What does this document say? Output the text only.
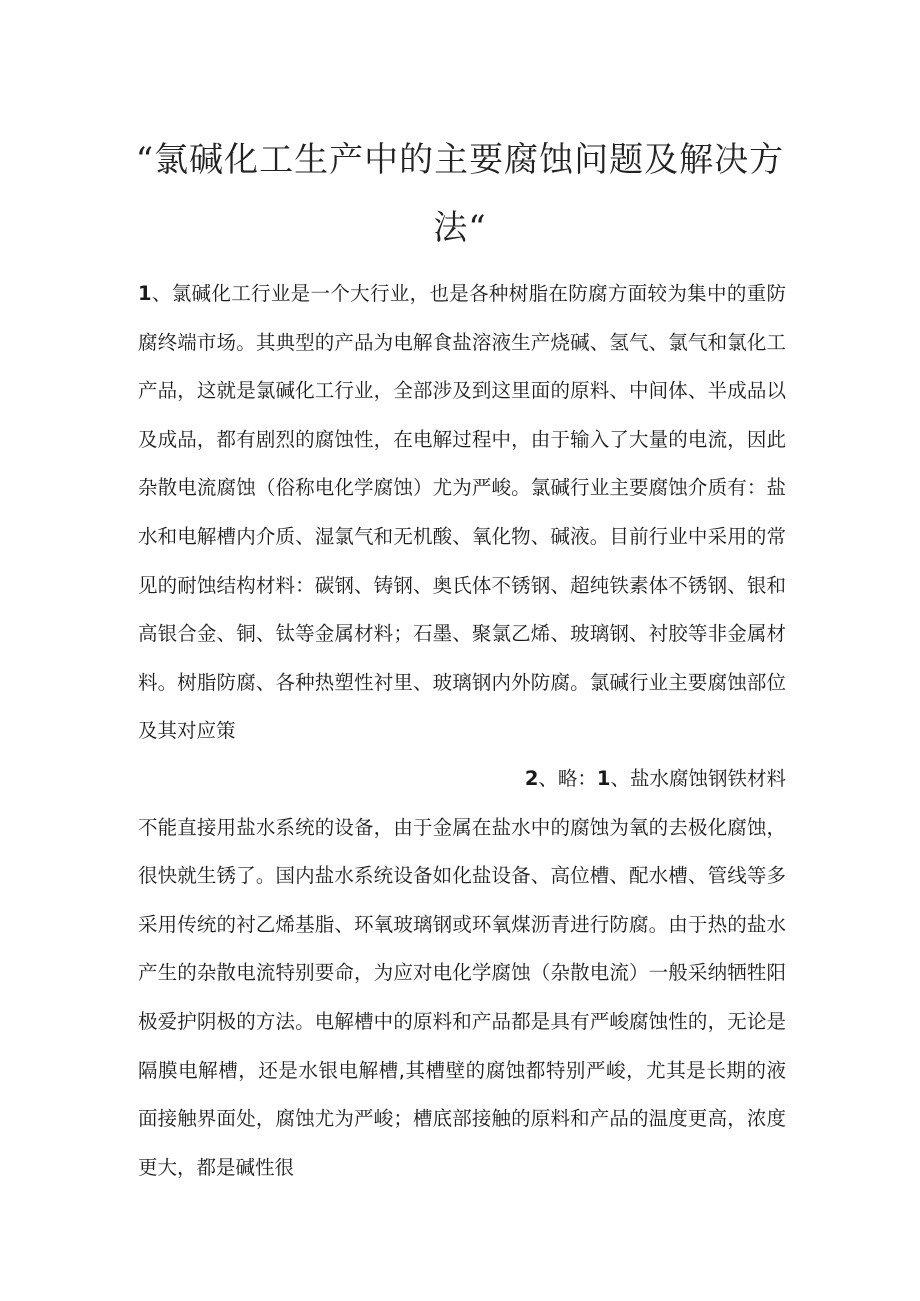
“氯碱化工生产中的主要腐蚀问题及解决方法“
1、氯碱化工行业是一个大行业，也是各种树脂在防腐方面较为集中的重防腐终端市场。其典型的产品为电解食盐溶液生产烧碱、氢气、氯气和氯化工产品，这就是氯碱化工行业，全部涉及到这里面的原料、中间体、半成品以及成品，都有剧烈的腐蚀性，在电解过程中，由于输入了大量的电流，因此杂散电流腐蚀（俗称电化学腐蚀）尤为严峻。氯碱行业主要腐蚀介质有：盐水和电解槽内介质、湿氯气和无机酸、氧化物、碱液。目前行业中采用的常见的耐蚀结构材料：碳钢、铸钢、奥氏体不锈钢、超纯铁素体不锈钢、银和高银合金、铜、钛等金属材料；石墨、聚氯乙烯、玻璃钢、衬胶等非金属材料。树脂防腐、各种热塑性衬里、玻璃钢内外防腐。氯碱行业主要腐蚀部位及其对应策
2、略：1、盐水腐蚀钢铁材料
不能直接用盐水系统的设备，由于金属在盐水中的腐蚀为氧的去极化腐蚀，很快就生锈了。国内盐水系统设备如化盐设备、高位槽、配水槽、管线等多采用传统的衬乙烯基脂、环氧玻璃钢或环氧煤沥青进行防腐。由于热的盐水产生的杂散电流特别要命，为应对电化学腐蚀（杂散电流）一般采纳牺牲阳极爱护阴极的方法。电解槽中的原料和产品都是具有严峻腐蚀性的，无论是隔膜电解槽，还是水银电解槽,其槽壁的腐蚀都特别严峻，尤其是长期的液面接触界面处，腐蚀尤为严峻；槽底部接触的原料和产品的温度更高，浓度更大，都是碱性很
